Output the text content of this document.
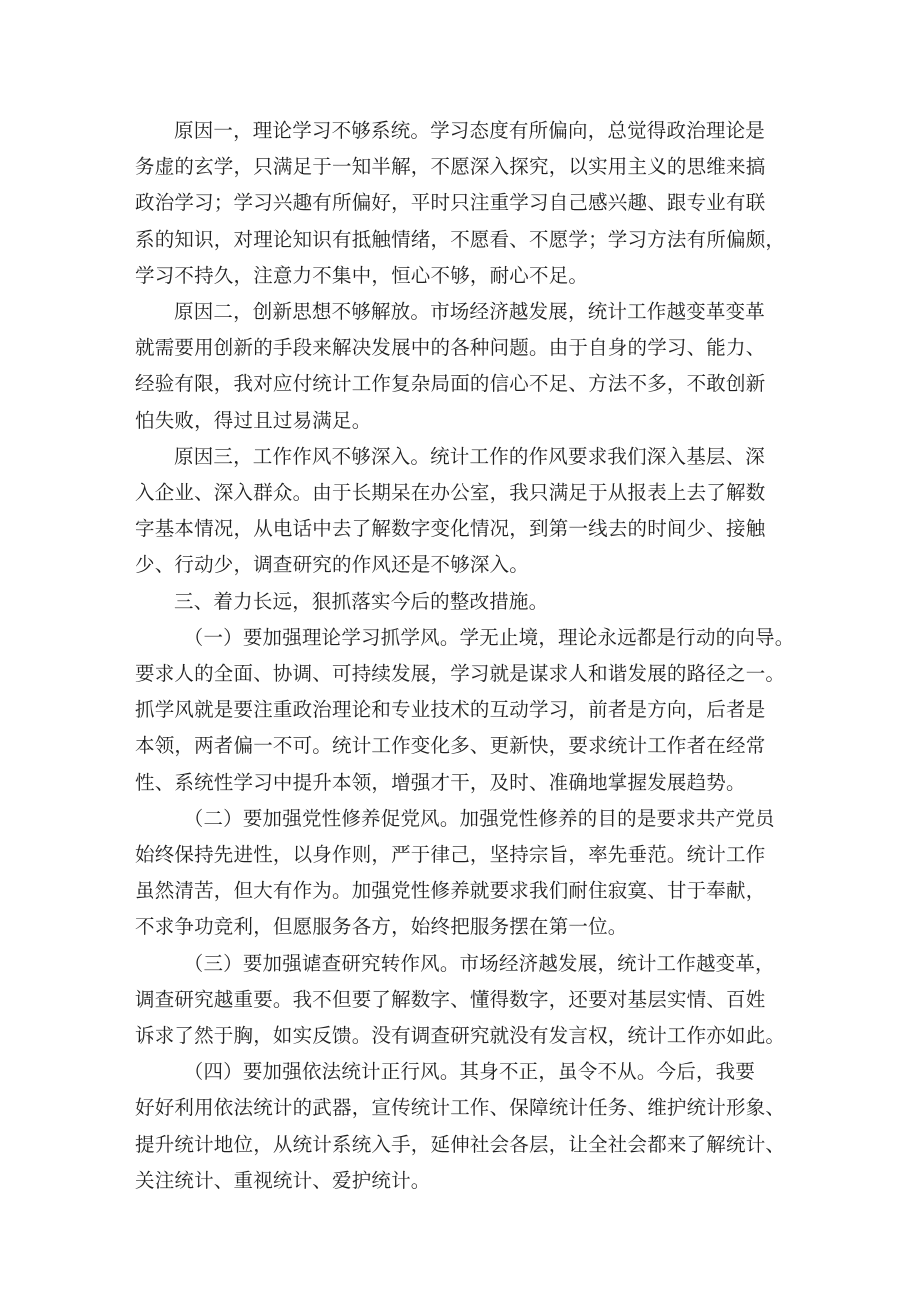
原因一，理论学习不够系统。学习态度有所偏向，总觉得政治理论是
务虚的玄学，只满足于一知半解，不愿深入探究，以实用主义的思维来搞
政治学习；学习兴趣有所偏好，平时只注重学习自己感兴趣、跟专业有联
系的知识，对理论知识有抵触情绪，不愿看、不愿学；学习方法有所偏颇，
学习不持久，注意力不集中，恒心不够，耐心不足。

原因二，创新思想不够解放。市场经济越发展，统计工作越变革变革
就需要用创新的手段来解决发展中的各种问题。由于自身的学习、能力、
经验有限，我对应付统计工作复杂局面的信心不足、方法不多，不敢创新
怕失败，得过且过易满足。

原因三，工作作风不够深入。统计工作的作风要求我们深入基层、深
入企业、深入群众。由于长期呆在办公室，我只满足于从报表上去了解数
字基本情况，从电话中去了解数字变化情况，到第一线去的时间少、接触
少、行动少，调查研究的作风还是不够深入。

三、着力长远，狠抓落实今后的整改措施。

（一）要加强理论学习抓学风。学无止境，理论永远都是行动的向导。
要求人的全面、协调、可持续发展，学习就是谋求人和谐发展的路径之一。
抓学风就是要注重政治理论和专业技术的互动学习，前者是方向，后者是
本领，两者偏一不可。统计工作变化多、更新快，要求统计工作者在经常
性、系统性学习中提升本领，增强才干，及时、准确地掌握发展趋势。

（二）要加强党性修养促党风。加强党性修养的目的是要求共产党员
始终保持先进性，以身作则，严于律己，坚持宗旨，率先垂范。统计工作
虽然清苦，但大有作为。加强党性修养就要求我们耐住寂寞、甘于奉献，
不求争功竞利，但愿服务各方，始终把服务摆在第一位。

（三）要加强谑查研究转作风。市场经济越发展，统计工作越变革，
调查研究越重要。我不但要了解数字、懂得数字，还要对基层实情、百姓
诉求了然于胸，如实反馈。没有调查研究就没有发言权，统计工作亦如此。

（四）要加强依法统计正行风。其身不正，虽令不从。今后，我要
好好利用依法统计的武器，宣传统计工作、保障统计任务、维护统计形象、
提升统计地位，从统计系统入手，延伸社会各层，让全社会都来了解统计、
关注统计、重视统计、爱护统计。
